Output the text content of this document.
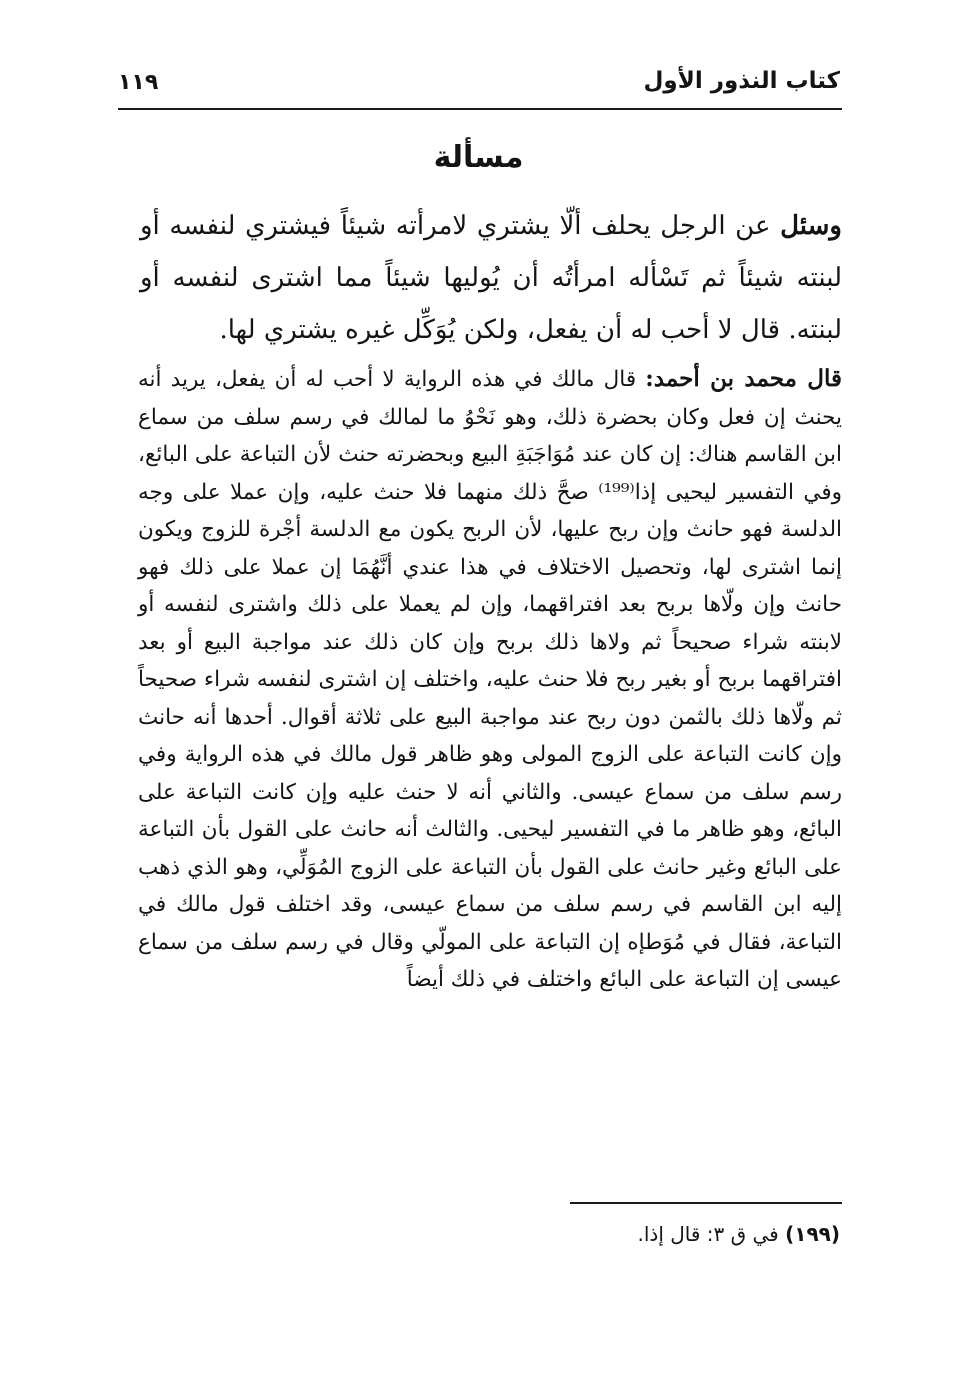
كتاب النذور الأول
١١٩
مسألة

وسئل عن الرجل يحلف ألّا يشتري لامرأته شيئاً فيشتري لنفسه أو لبنته شيئاً ثم تَسْأله امرأتُه أن يُوليها شيئاً مما اشترى لنفسه أو لبنته. قال لا أحب له أن يفعل، ولكن يُوَكِّل غيره يشتري لها.

قال محمد بن أحمد: قال مالك في هذه الرواية لا أحب له أن يفعل، يريد أنه يحنث إن فعل وكان بحضرة ذلك، وهو نَحْوُ ما لمالك في رسم سلف من سماع ابن القاسم هناك: إن كان عند مُوَاجَبَةِ البيع وبحضرته حنث لأن التباعة على البائع، وفي التفسير ليحيى إذا⁽¹⁹⁹⁾ صحَّ ذلك منهما فلا حنث عليه، وإن عملا على وجه الدلسة فهو حانث وإن ربح عليها، لأن الربح يكون مع الدلسة أجْرة للزوج ويكون إنما اشترى لها، وتحصيل الاختلاف في هذا عندي أنَّهُمَا إن عملا على ذلك فهو حانث وإن ولّاها بربح بعد افتراقهما، وإن لم يعملا على ذلك واشترى لنفسه أو لابنته شراء صحيحاً ثم ولاها ذلك بربح وإن كان ذلك عند مواجبة البيع أو بعد افتراقهما بربح أو بغير ربح فلا حنث عليه، واختلف إن اشترى لنفسه شراء صحيحاً ثم ولّاها ذلك بالثمن دون ربح عند مواجبة البيع على ثلاثة أقوال. أحدها أنه حانث وإن كانت التباعة على الزوج المولى وهو ظاهر قول مالك في هذه الرواية وفي رسم سلف من سماع عيسى. والثاني أنه لا حنث عليه وإن كانت التباعة على البائع، وهو ظاهر ما في التفسير ليحيى. والثالث أنه حانث على القول بأن التباعة على البائع وغير حانث على القول بأن التباعة على الزوج المُوَلِّي، وهو الذي ذهب إليه ابن القاسم في رسم سلف من سماع عيسى، وقد اختلف قول مالك في التباعة، فقال في مُوَطإه إن التباعة على المولّي وقال في رسم سلف من سماع عيسى إن التباعة على البائع واختلف في ذلك أيضاً

(١٩٩) في ق ٣: قال إذا.
